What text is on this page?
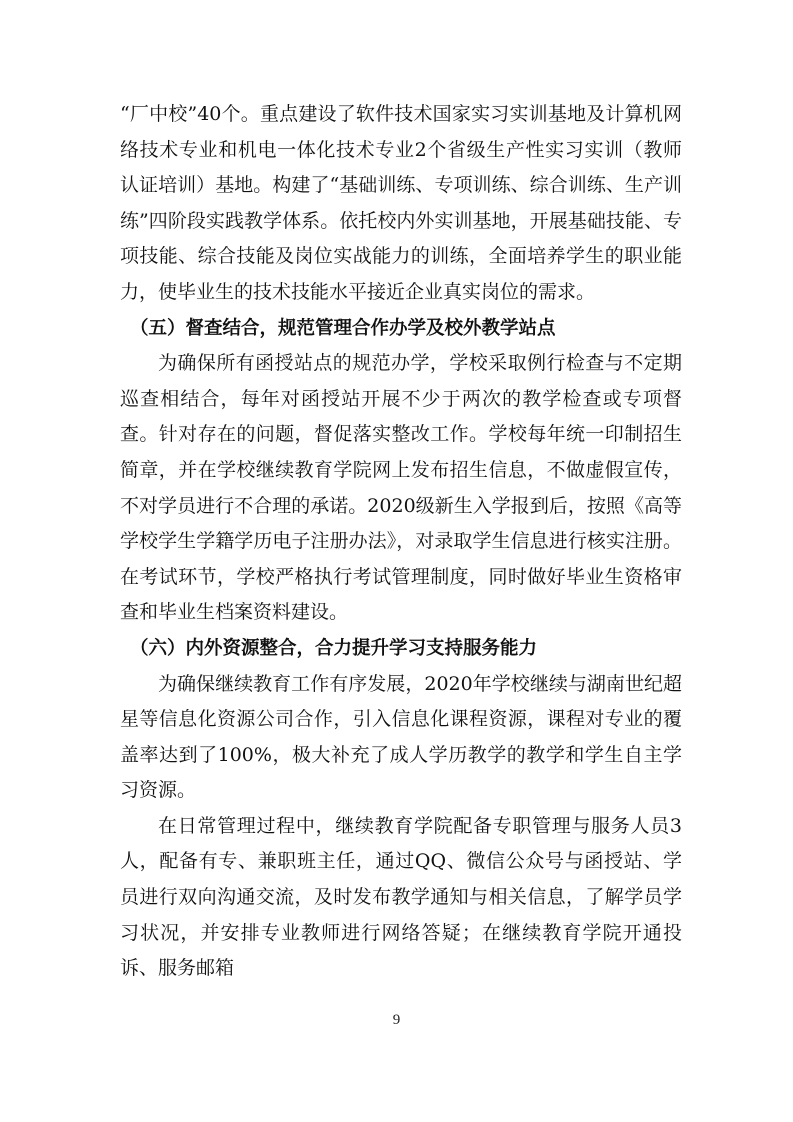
“厂中校”40个。重点建设了软件技术国家实习实训基地及计算机网络技术专业和机电一体化技术专业2个省级生产性实习实训（教师认证培训）基地。构建了“基础训练、专项训练、综合训练、生产训练”四阶段实践教学体系。依托校内外实训基地，开展基础技能、专项技能、综合技能及岗位实战能力的训练，全面培养学生的职业能力，使毕业生的技术技能水平接近企业真实岗位的需求。

（五）督查结合，规范管理合作办学及校外教学站点

为确保所有函授站点的规范办学，学校采取例行检查与不定期巡查相结合，每年对函授站开展不少于两次的教学检查或专项督查。针对存在的问题，督促落实整改工作。学校每年统一印制招生简章，并在学校继续教育学院网上发布招生信息，不做虚假宣传，不对学员进行不合理的承诺。2020级新生入学报到后，按照《高等学校学生学籍学历电子注册办法》，对录取学生信息进行核实注册。在考试环节，学校严格执行考试管理制度，同时做好毕业生资格审查和毕业生档案资料建设。

（六）内外资源整合，合力提升学习支持服务能力

为确保继续教育工作有序发展，2020年学校继续与湖南世纪超星等信息化资源公司合作，引入信息化课程资源，课程对专业的覆盖率达到了100%，极大补充了成人学历教学的教学和学生自主学习资源。

在日常管理过程中，继续教育学院配备专职管理与服务人员3人，配备有专、兼职班主任，通过QQ、微信公众号与函授站、学员进行双向沟通交流，及时发布教学通知与相关信息，了解学员学习状况，并安排专业教师进行网络答疑；在继续教育学院开通投诉、服务邮箱

9
